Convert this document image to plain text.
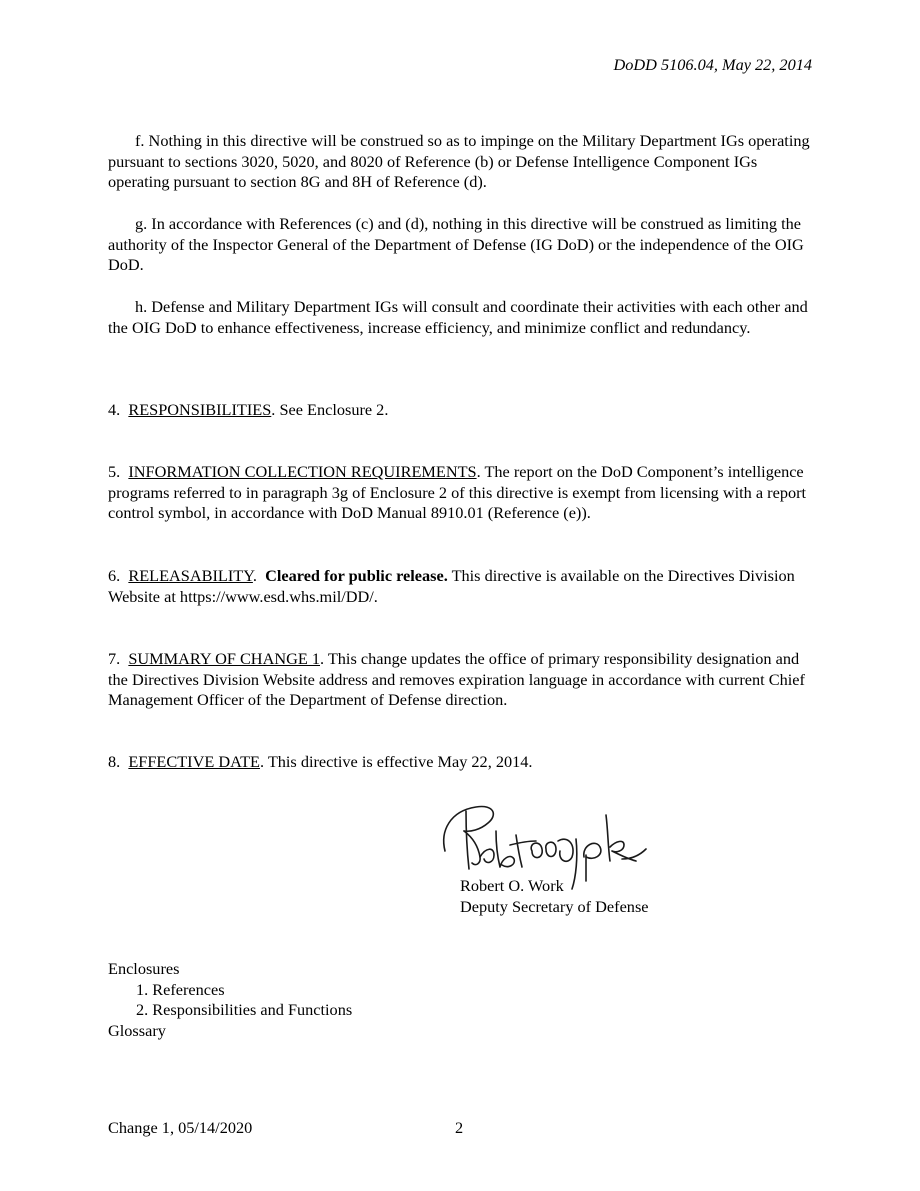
DoDD 5106.04, May 22, 2014

f. Nothing in this directive will be construed so as to impinge on the Military Department IGs operating pursuant to sections 3020, 5020, and 8020 of Reference (b) or Defense Intelligence Component IGs operating pursuant to section 8G and 8H of Reference (d).

g. In accordance with References (c) and (d), nothing in this directive will be construed as limiting the authority of the Inspector General of the Department of Defense (IG DoD) or the independence of the OIG DoD.

h. Defense and Military Department IGs will consult and coordinate their activities with each other and the OIG DoD to enhance effectiveness, increase efficiency, and minimize conflict and redundancy.

4. RESPONSIBILITIES. See Enclosure 2.

5. INFORMATION COLLECTION REQUIREMENTS. The report on the DoD Component’s intelligence programs referred to in paragraph 3g of Enclosure 2 of this directive is exempt from licensing with a report control symbol, in accordance with DoD Manual 8910.01 (Reference (e)).

6. RELEASABILITY.  Cleared for public release. This directive is available on the Directives Division Website at https://www.esd.whs.mil/DD/.

7. SUMMARY OF CHANGE 1. This change updates the office of primary responsibility designation and the Directives Division Website address and removes expiration language in accordance with current Chief Management Officer of the Department of Defense direction.

8. EFFECTIVE DATE. This directive is effective May 22, 2014.

Robert O. Work
Deputy Secretary of Defense
Enclosures
1. References
2. Responsibilities and Functions
Glossary
Change 1, 05/14/2020	2
